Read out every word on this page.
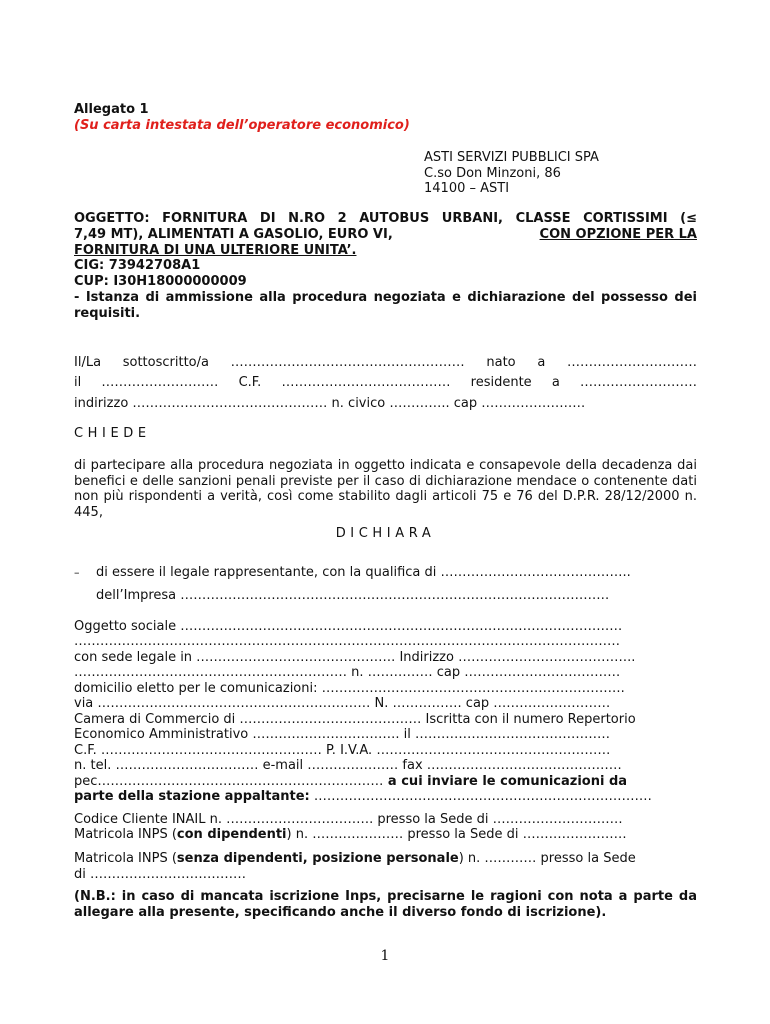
Allegato 1
(Su carta intestata dell’operatore economico)
ASTI SERVIZI PUBBLICI SPA
C.so Don Minzoni, 86
14100 – ASTI
OGGETTO: FORNITURA DI N.RO 2 AUTOBUS URBANI, CLASSE CORTISSIMI (≤
7,49 MT), ALIMENTATI A GASOLIO, EURO VI,	CON OPZIONE PER LA
FORNITURA DI UNA ULTERIORE UNITA’.
CIG: 73942708A1
CUP: I30H18000000009
- Istanza di ammissione alla procedura negoziata e dichiarazione del possesso dei requisiti.
Il/La sottoscritto/a ……………………………………………… nato a …………………………
il ……………………… C.F. ………………………………… residente a ………………………
indirizzo ……………………………………… n. civico ………….. cap ……………………
CHIEDE
di partecipare alla procedura negoziata in oggetto indicata e consapevole della decadenza dai benefici e delle sanzioni penali previste per il caso di dichiarazione mendace o contenente dati non più rispondenti a verità, così come stabilito dagli articoli 75 e 76 del D.P.R. 28/12/2000 n. 445,
DICHIARA
– di essere il legale rappresentante, con la qualifica di ……………………………………..
dell’Impresa ………………………………………………………………………………………
Oggetto sociale …………………………………………………………………………………………
………………………………………………………………………………………………………………
con sede legale in ………………………………………. Indirizzo …………………………………..
……………………………………………………… n. …………… cap ………………………………
domicilio eletto per le comunicazioni: …………………………………………………………….
via ……………………………………………………… N. ……………. cap ………………………
Camera di Commercio di …………………………………… Iscritta con il numero Repertorio
Economico Amministrativo ……………………………. il ………………………………………
C.F. …………………………………………… P. I.V.A. ………………………………………………
n. tel. …………………………… e-mail ………………… fax ………………………………………
pec………………………………………………………… a cui inviare le comunicazioni da
parte della stazione appaltante: ……………………………………………………………………
Codice Cliente INAIL n. ……………………………. presso la Sede di …………………………
Matricola INPS (con dipendenti) n. ………………… presso la Sede di ……………………
Matricola INPS (senza dipendenti, posizione personale) n. ………… presso la Sede
di ………………………………
(N.B.: in caso di mancata iscrizione Inps, precisarne le ragioni con nota a parte da allegare alla presente, specificando anche il diverso fondo di iscrizione).
1
